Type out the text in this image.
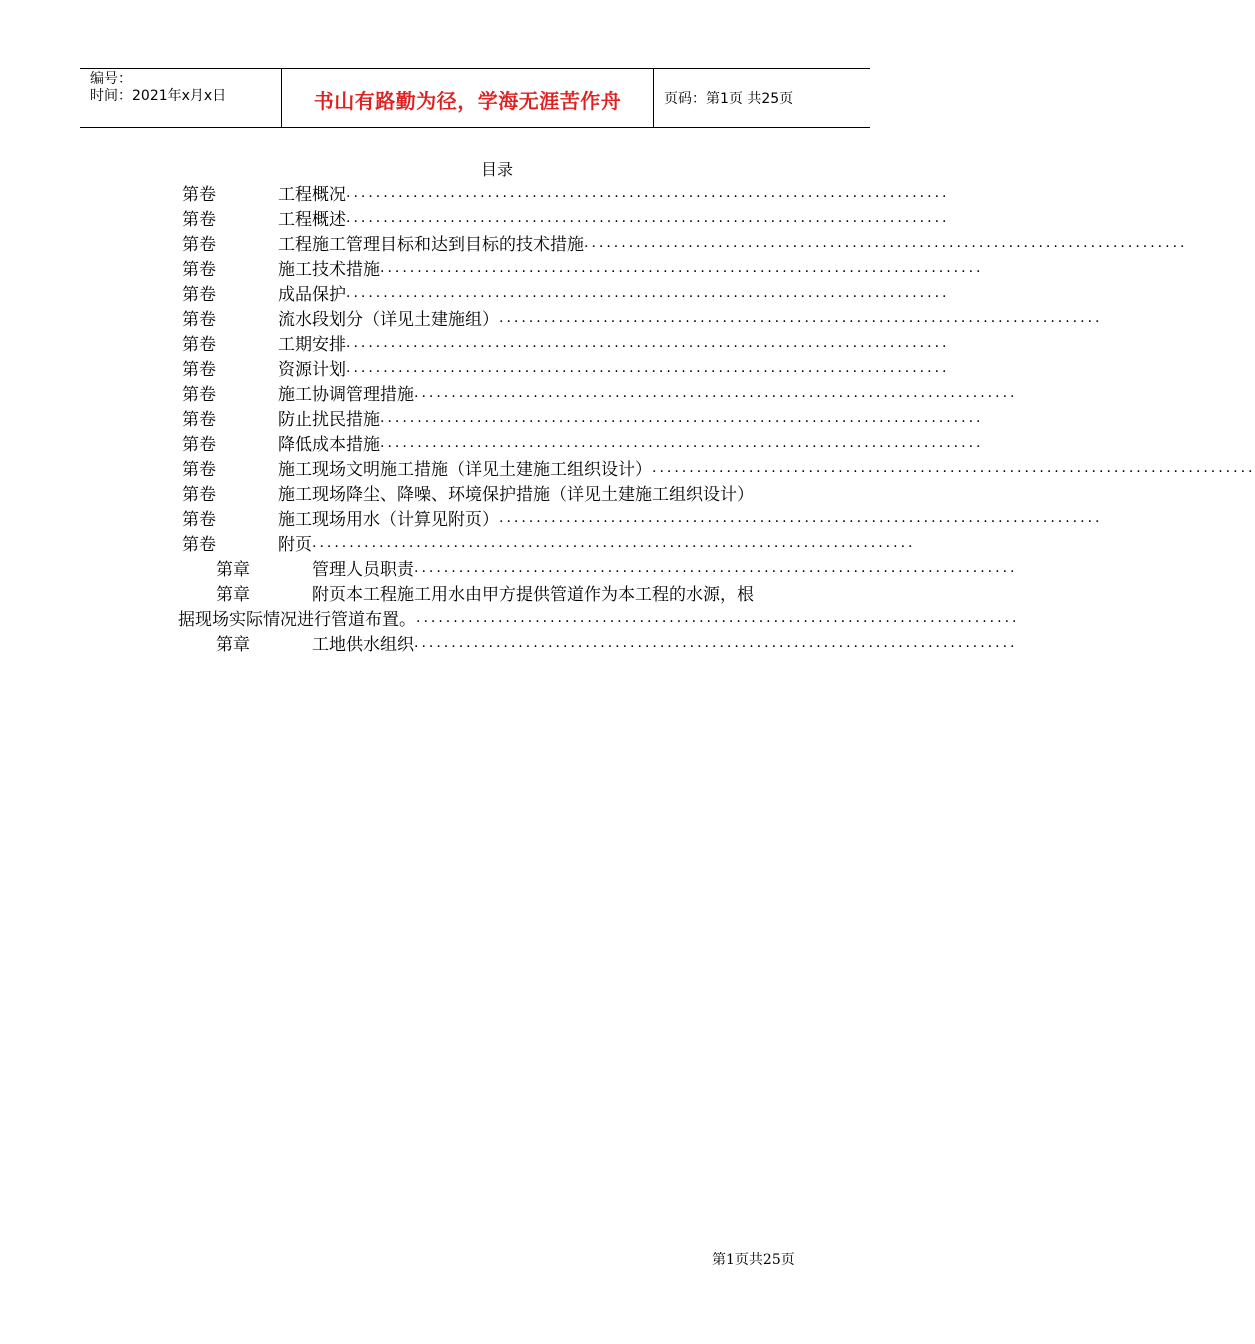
编号：
时间：2021年x月x日	书山有路勤为径，学海无涯苦作舟	页码：第1页 共25页
目录
第卷	工程概况 .................................................................................
第卷	工程概述 .................................................................................
第卷	工程施工管理目标和达到目标的技术措施 .................................................................................
第卷	施工技术措施 .................................................................................
第卷	成品保护 .................................................................................
第卷	流水段划分（详见土建施组） .................................................................................
第卷	工期安排 .................................................................................
第卷	资源计划 .................................................................................
第卷	施工协调管理措施 .................................................................................
第卷	防止扰民措施 .................................................................................
第卷	降低成本措施 .................................................................................
第卷	施工现场文明施工措施（详见土建施工组织设计） .................................................................................
第卷	施工现场降尘、降噪、环境保护措施（详见土建施工组织设计）
第卷	施工现场用水（计算见附页） .................................................................................
第卷	附页 .................................................................................
第章	管理人员职责 .................................................................................
第章	附页本工程施工用水由甲方提供管道作为本工程的水源，根
据现场实际情况进行管道布置。 .................................................................................
第章	工地供水组织 .................................................................................
第1页共25页
